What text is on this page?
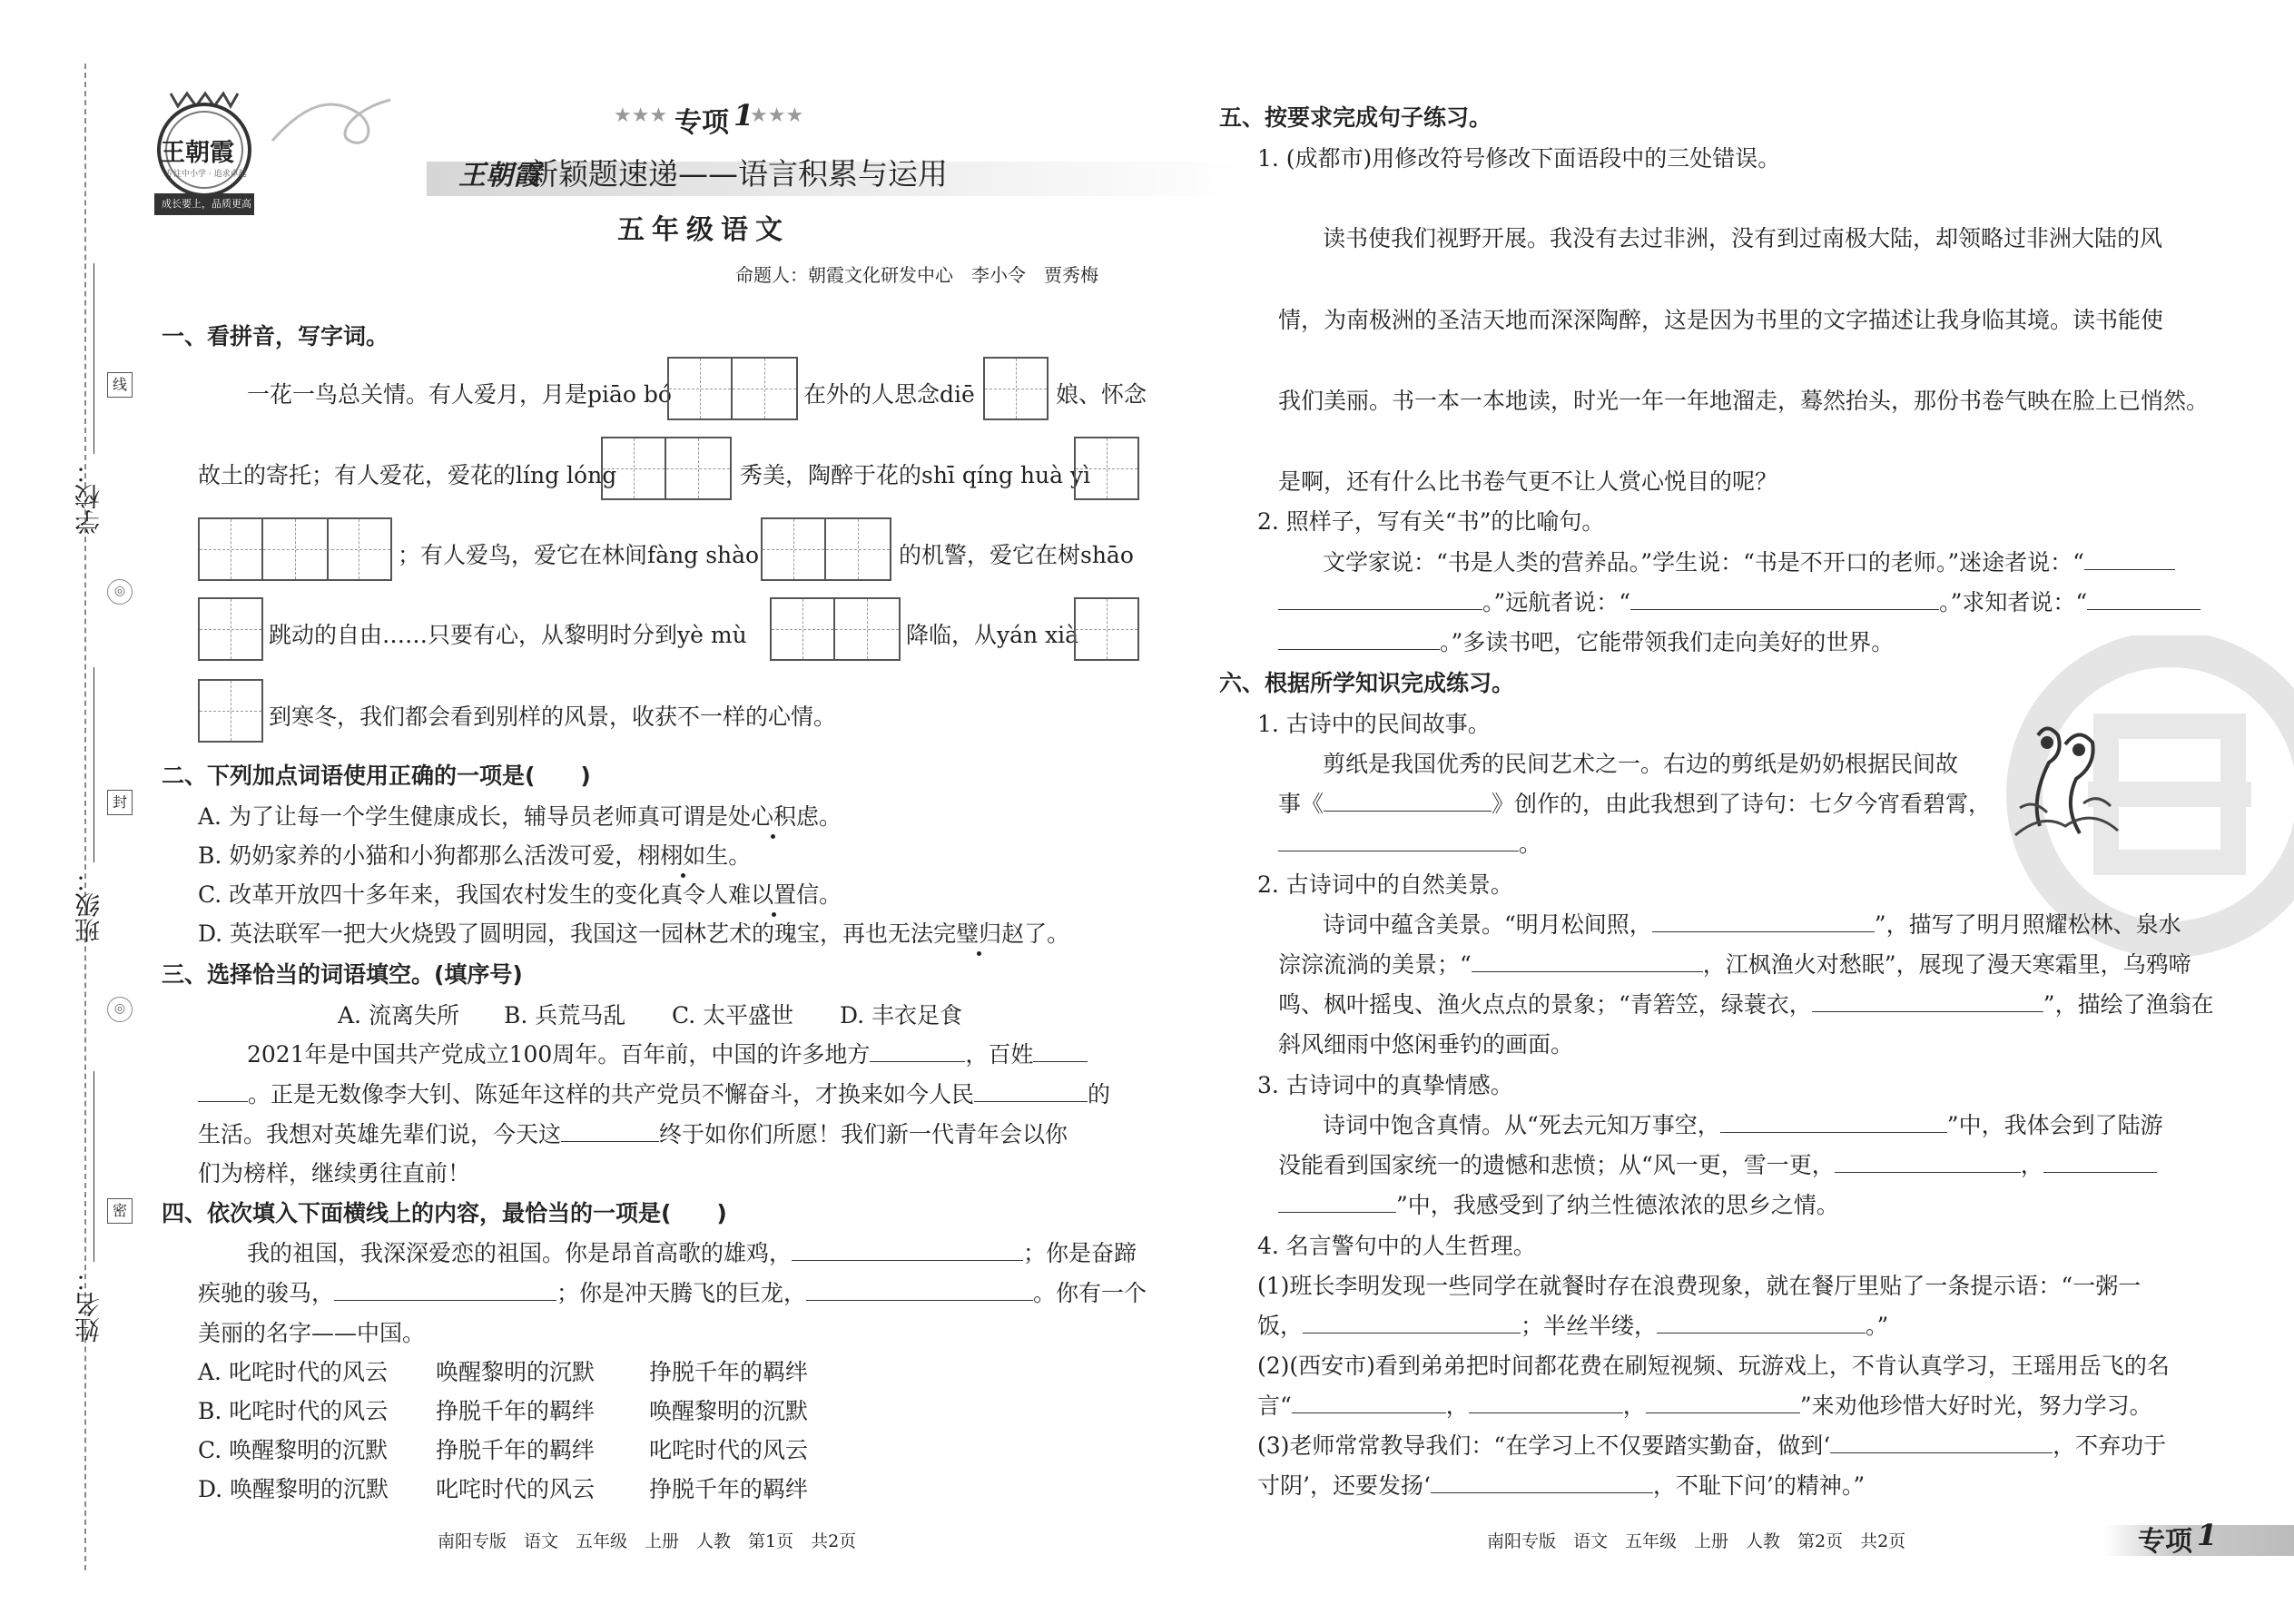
学校：
班级：
姓名：
线
封
密
◎
◎
王朝霞
专注中小学 · 追求卓越
成长要上，品质更高
★★★ 专项 1
★★★
王朝霞
新颖题速递——语言积累与运用
五年级语文
命题人：朝霞文化研发中心　李小令　贾秀梅
一、看拼音，写字词。
一花一鸟总关情。有人爱月，月是piāo bó	在外的人思念diē	娘、怀念
故土的寄托；有人爱花，爱花的líng lóng	秀美，陶醉于花的shī qíng huà yì
；有人爱鸟，爱它在林间fàng shào	的机警，爱它在树shāo
跳动的自由……只要有心，从黎明时分到yè mù	降临，从yán xià
到寒冬，我们都会看到别样的风景，收获不一样的心情。
二、下列加点词语使用正确的一项是(　　)
A. 为了让每一个学生健康成长，辅导员老师真可谓是处心积虑。
B. 奶奶家养的小猫和小狗都那么活泼可爱，栩栩如生。
C. 改革开放四十多年来，我国农村发生的变化真令人难以置信。
D. 英法联军一把大火烧毁了圆明园，我国这一园林艺术的瑰宝，再也无法完璧归赵了。
三、选择恰当的词语填空。(填序号)
A. 流离失所 B. 兵荒马乱 C. 太平盛世 D. 丰衣足食
2021年是中国共产党成立100周年。百年前，中国的许多地方	，百姓
。正是无数像李大钊、陈延年这样的共产党员不懈奋斗，才换来如今人民	的
生活。我想对英雄先辈们说，今天这	终于如你们所愿！我们新一代青年会以你
们为榜样，继续勇往直前！
四、依次填入下面横线上的内容，最恰当的一项是(　　)
我的祖国，我深深爱恋的祖国。你是昂首高歌的雄鸡，	；你是奋蹄
疾驰的骏马，	；你是冲天腾飞的巨龙，	。你有一个
美丽的名字——中国。
A. 叱咤时代的风云 唤醒黎明的沉默 挣脱千年的羁绊
B. 叱咤时代的风云 挣脱千年的羁绊 唤醒黎明的沉默
C. 唤醒黎明的沉默 挣脱千年的羁绊 叱咤时代的风云
D. 唤醒黎明的沉默 叱咤时代的风云 挣脱千年的羁绊
南阳专版　语文　五年级　上册　人教　第1页　共2页
五、按要求完成句子练习。
1. (成都市)用修改符号修改下面语段中的三处错误。
读书使我们视野开展。我没有去过非洲，没有到过南极大陆，却领略过非洲大陆的风
情，为南极洲的圣洁天地而深深陶醉，这是因为书里的文字描述让我身临其境。读书能使
我们美丽。书一本一本地读，时光一年一年地溜走，蓦然抬头，那份书卷气映在脸上已悄然。
是啊，还有什么比书卷气更不让人赏心悦目的呢？
2. 照样子，写有关“书”的比喻句。
文学家说：“书是人类的营养品。”学生说：“书是不开口的老师。”迷途者说：“
。”远航者说：“	。”求知者说：“
。”多读书吧，它能带领我们走向美好的世界。
六、根据所学知识完成练习。
1. 古诗中的民间故事。
剪纸是我国优秀的民间艺术之一。右边的剪纸是奶奶根据民间故
事《	》创作的，由此我想到了诗句：七夕今宵看碧霄，
。
2. 古诗词中的自然美景。
诗词中蕴含美景。“明月松间照，	”，描写了明月照耀松林、泉水
淙淙流淌的美景；“	，江枫渔火对愁眠”，展现了漫天寒霜里，乌鸦啼
鸣、枫叶摇曳、渔火点点的景象；“青箬笠，绿蓑衣，	”，描绘了渔翁在
斜风细雨中悠闲垂钓的画面。
3. 古诗词中的真挚情感。
诗词中饱含真情。从“死去元知万事空，	”中，我体会到了陆游
没能看到国家统一的遗憾和悲愤；从“风一更，雪一更，	，
”中，我感受到了纳兰性德浓浓的思乡之情。
4. 名言警句中的人生哲理。
(1)班长李明发现一些同学在就餐时存在浪费现象，就在餐厅里贴了一条提示语：“一粥一
饭，	；半丝半缕，	。”
(2)(西安市)看到弟弟把时间都花费在刷短视频、玩游戏上，不肯认真学习，王瑶用岳飞的名
言“	，	，	”来劝他珍惜大好时光，努力学习。
(3)老师常常教导我们：“在学习上不仅要踏实勤奋，做到‘	，不弃功于
寸阴’，还要发扬‘	，不耻下问’的精神。”
南阳专版　语文　五年级　上册　人教　第2页　共2页	专项 1
